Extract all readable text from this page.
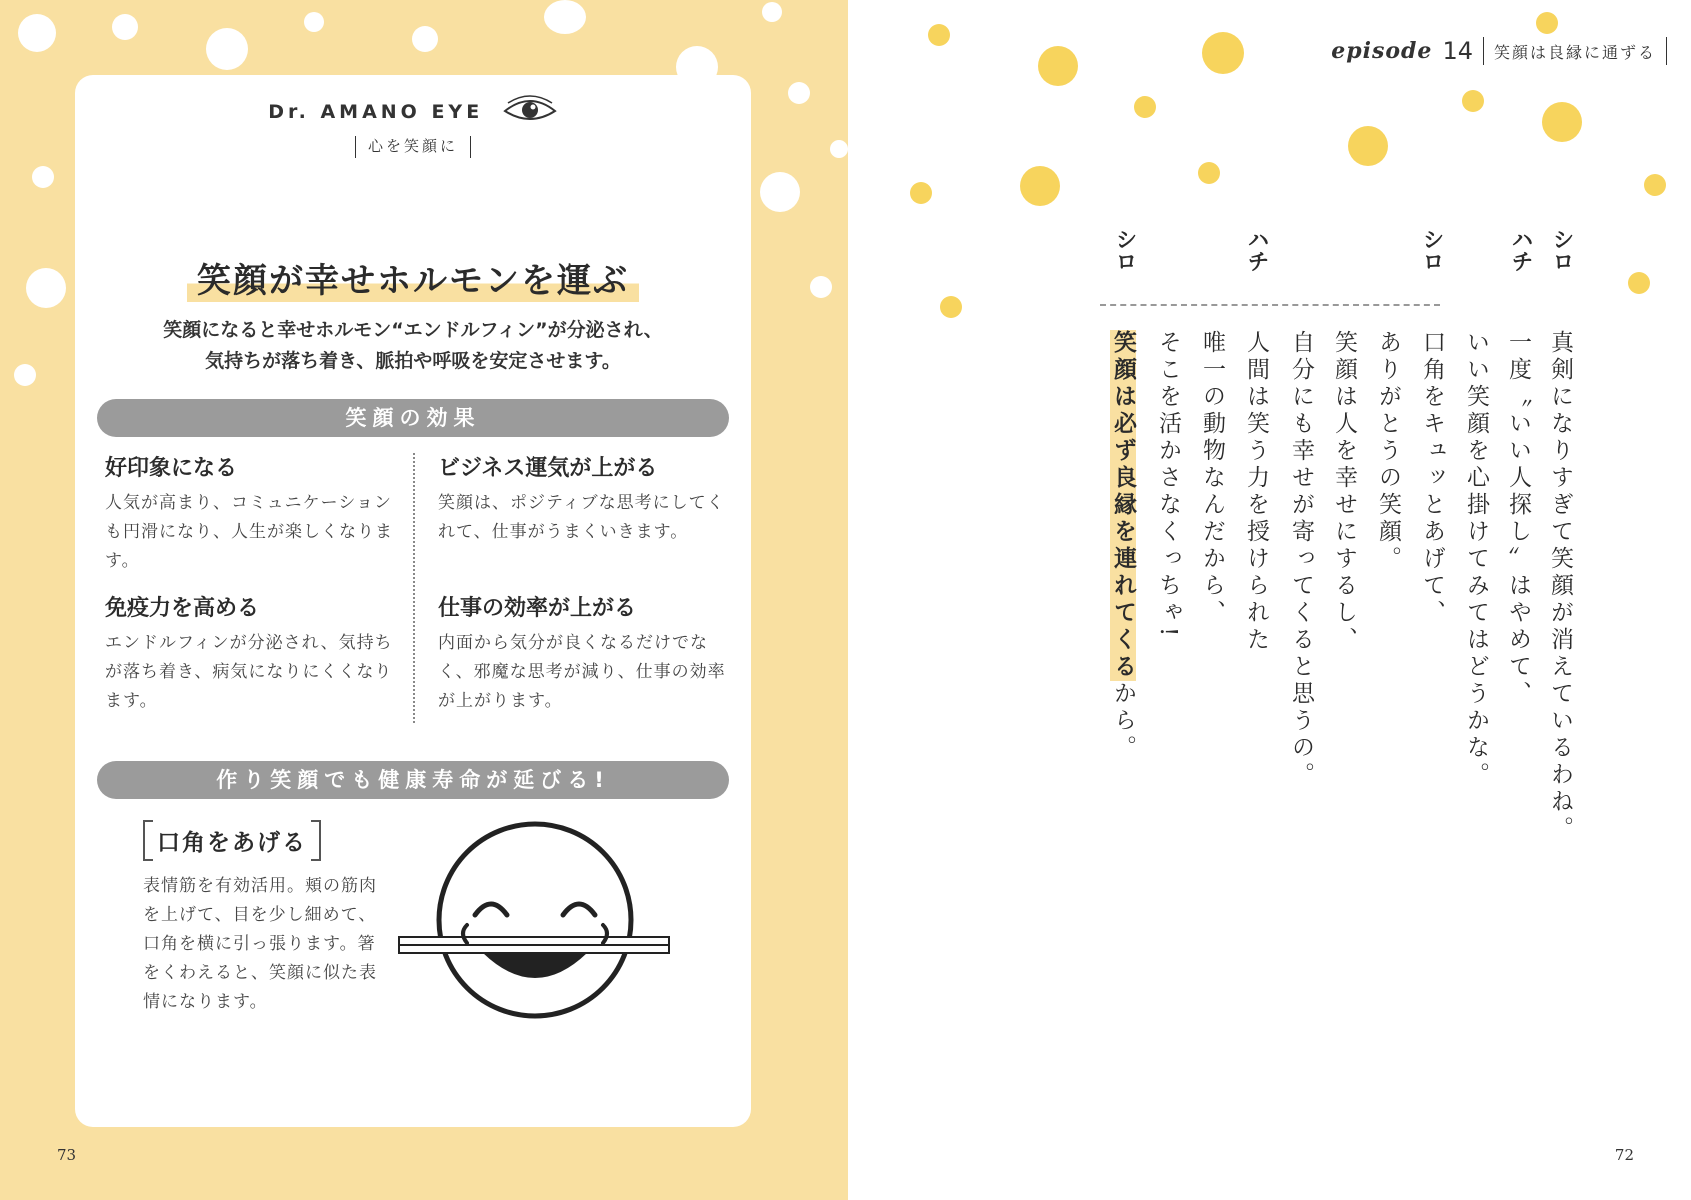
Dr. AMANO EYE
心を笑顔に
笑顔が幸せホルモンを運ぶ
笑顔になると幸せホルモン“エンドルフィン”が分泌され、
気持ちが落ち着き、脈拍や呼吸を安定させます。
笑顔の効果
好印象になる

人気が高まり、コミュニケーションも円滑になり、人生が楽しくなります。

ビジネス運気が上がる

笑顔は、ポジティブな思考にしてくれて、仕事がうまくいきます。

免疫力を高める

エンドルフィンが分泌され、気持ちが落ち着き、病気になりにくくなります。

仕事の効率が上がる

内面から気分が良くなるだけでなく、邪魔な思考が減り、仕事の効率が上がります。

作り笑顔でも健康寿命が延びる!
口角をあげる
表情筋を有効活用。頬の筋肉を上げて、目を少し細めて、口角を横に引っ張ります。箸をくわえると、笑顔に似た表情になります。
73
episode 14 笑顔は良縁に通ずる
シロ
ハチ
シロ
ハチ
シロ
真剣になりすぎて笑顔が消えているわね。
一度〝いい人探し〟はやめて、
いい笑顔を心掛けてみてはどうかな。
口角をキュッとあげて、
ありがとうの笑顔。
笑顔は人を幸せにするし、
自分にも幸せが寄ってくると思うの。
人間は笑う力を授けられた
唯一の動物なんだから、
そこを活かさなくっちゃ!
笑顔は必ず良縁を連れてくるから。
72
